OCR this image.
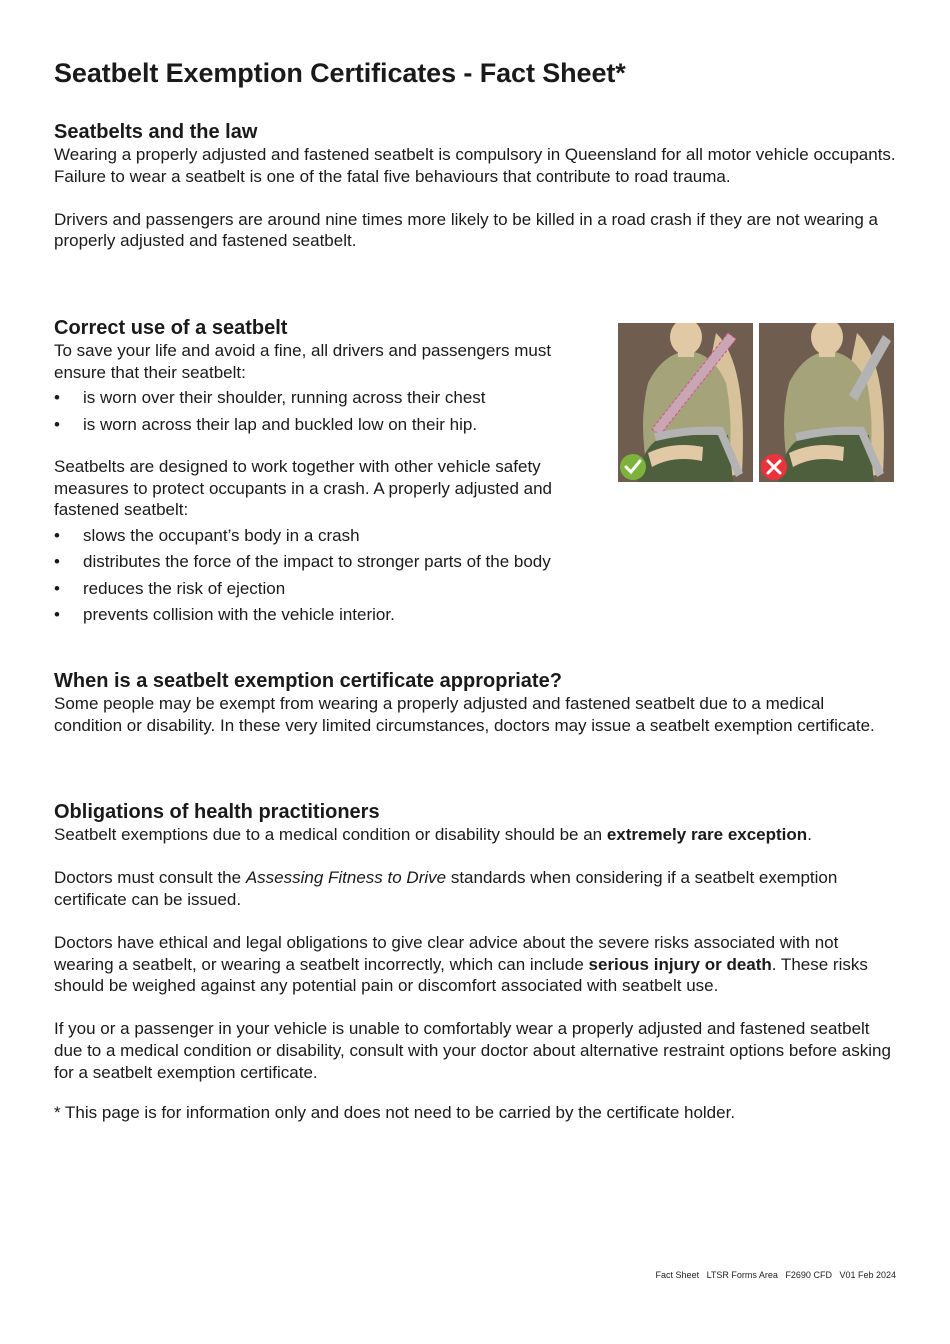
Seatbelt Exemption Certificates - Fact Sheet*
Seatbelts and the law

Wearing a properly adjusted and fastened seatbelt is compulsory in Queensland for all motor vehicle occupants. Failure to wear a seatbelt is one of the fatal five behaviours that contribute to road trauma.

Drivers and passengers are around nine times more likely to be killed in a road crash if they are not wearing a properly adjusted and fastened seatbelt.

Correct use of a seatbelt

To save your life and avoid a fine, all drivers and passengers must ensure that their seatbelt:

• is worn over their shoulder, running across their chest
• is worn across their lap and buckled low on their hip.

Seatbelts are designed to work together with other vehicle safety measures to protect occupants in a crash. A properly adjusted and fastened seatbelt:

• slows the occupant’s body in a crash
• distributes the force of the impact to stronger parts of the body
• reduces the risk of ejection
• prevents collision with the vehicle interior.
When is a seatbelt exemption certificate appropriate?

Some people may be exempt from wearing a properly adjusted and fastened seatbelt due to a medical condition or disability. In these very limited circumstances, doctors may issue a seatbelt exemption certificate.

Obligations of health practitioners

Seatbelt exemptions due to a medical condition or disability should be an extremely rare exception.

Doctors must consult the Assessing Fitness to Drive standards when considering if a seatbelt exemption certificate can be issued.

Doctors have ethical and legal obligations to give clear advice about the severe risks associated with not wearing a seatbelt, or wearing a seatbelt incorrectly, which can include serious injury or death. These risks should be weighed against any potential pain or discomfort associated with seatbelt use.

If you or a passenger in your vehicle is unable to comfortably wear a properly adjusted and fastened seatbelt due to a medical condition or disability, consult with your doctor about alternative restraint options before asking for a seatbelt exemption certificate.

* This page is for information only and does not need to be carried by the certificate holder.

Fact Sheet   LTSR Forms Area   F2690 CFD   V01 Feb 2024
